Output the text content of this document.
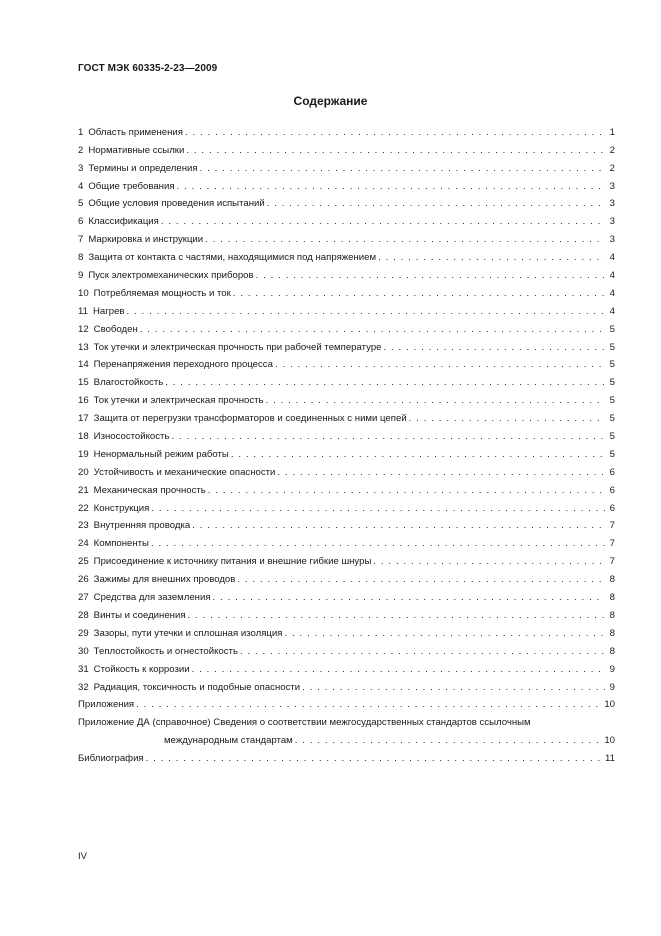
ГОСТ МЭК 60335-2-23—2009
Содержание
1 Область применения . . .	1
2 Нормативные ссылки . . .	2
3 Термины и определения . . .	2
4 Общие требования . . .	3
5 Общие условия проведения испытаний . . .	3
6 Классификация . . .	3
7 Маркировка и инструкции . . .	3
8 Защита от контакта с частями, находящимися под напряжением . . .	4
9 Пуск электромеханических приборов . . .	4
10 Потребляемая мощность и ток . . .	4
11 Нагрев . . .	4
12 Свободен . . .	5
13 Ток утечки и электрическая прочность при рабочей температуре . . .	5
14 Перенапряжения переходного процесса . . .	5
15 Влагостойкость . . .	5
16 Ток утечки и электрическая прочность . . .	5
17 Защита от перегрузки трансформаторов и соединенных с ними цепей . . .	5
18 Износостойкость . . .	5
19 Ненормальный режим работы . . .	5
20 Устойчивость и механические опасности . . .	6
21 Механическая прочность . . .	6
22 Конструкция . . .	6
23 Внутренняя проводка . . .	7
24 Компоненты . . .	7
25 Присоединение к источнику питания и внешние гибкие шнуры . . .	7
26 Зажимы для внешних проводов . . .	8
27 Средства для заземления . . .	8
28 Винты и соединения . . .	8
29 Зазоры, пути утечки и сплошная изоляция . . .	8
30 Теплостойкость и огнестойкость . . .	8
31 Стойкость к коррозии . . .	9
32 Радиация, токсичность и подобные опасности . . .	9
Приложения . . .	10
Приложение ДА (справочное) Сведения о соответствии межгосударственных стандартов ссылочным
международным стандартам . . .	10
Библиография . . .	11
IV
